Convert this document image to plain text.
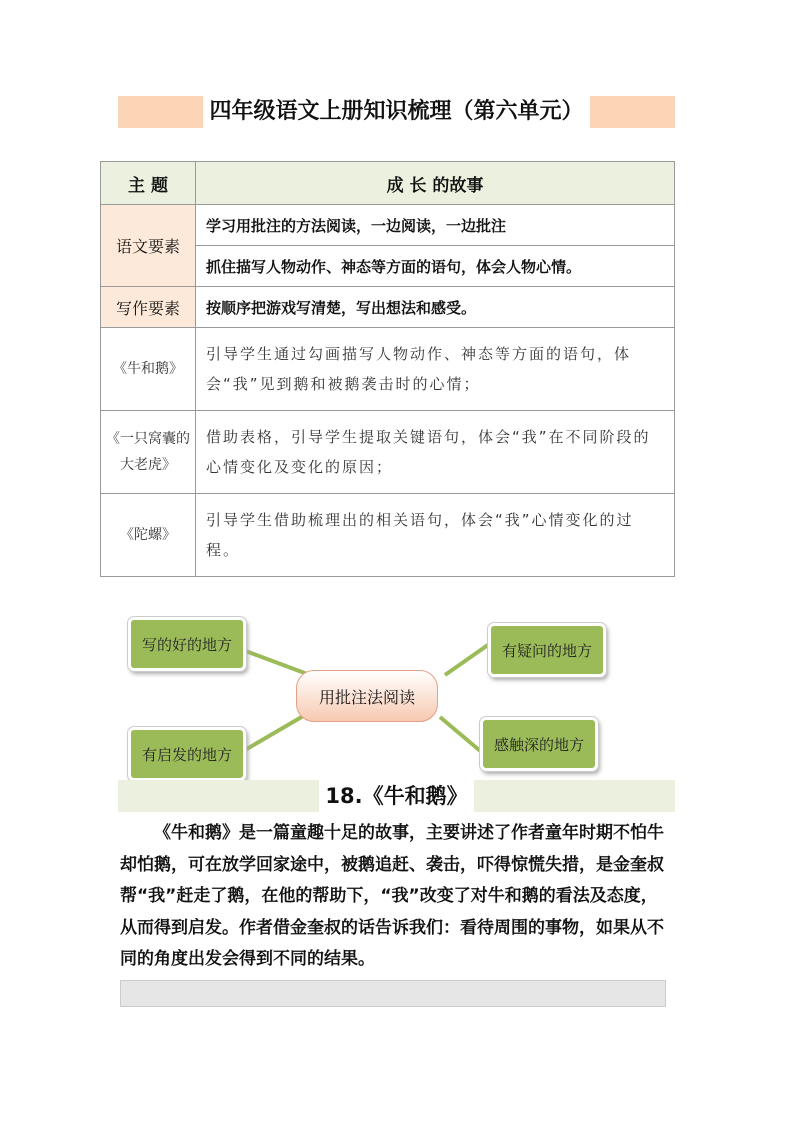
四年级语文上册知识梳理（第六单元）
主 题	成 长 的故事
语文要素	学习用批注的方法阅读，一边阅读，一边批注
	抓住描写人物动作、神态等方面的语句，体会人物心情。
写作要素	按顺序把游戏写清楚，写出想法和感受。
《牛和鹅》	引导学生通过勾画描写人物动作、神态等方面的语句，体会“我”见到鹅和被鹅袭击时的心情；
《一只窝囊的大老虎》	借助表格，引导学生提取关键语句，体会“我”在不同阶段的心情变化及变化的原因；
《陀螺》	引导学生借助梳理出的相关语句，体会“我”心情变化的过程。
用批注法阅读
写的好的地方	有疑问的地方
有启发的地方
感触深的地方
18.《牛和鹅》
《牛和鹅》是一篇童趣十足的故事，主要讲述了作者童年时期不怕牛却怕鹅，可在放学回家途中，被鹅追赶、袭击，吓得惊慌失措，是金奎叔帮“我”赶走了鹅，在他的帮助下，“我”改变了对牛和鹅的看法及态度，从而得到启发。作者借金奎叔的话告诉我们：看待周围的事物，如果从不同的角度出发会得到不同的结果。
